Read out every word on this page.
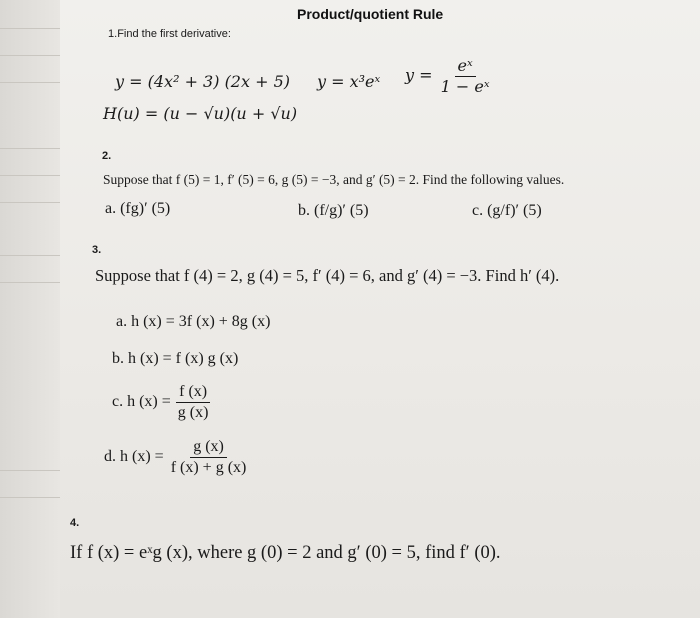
Product/quotient Rule
1.Find the first derivative:
y = (4x² + 3) (2x + 5) y = x³eˣ $y = \frac{\text{eˣ}}{\text{1 − eˣ}}$
H(u) = (u − √u)(u + √u)
2.
Suppose that f (5) = 1, f′ (5) = 6, g (5) = −3, and g′ (5) = 2. Find the following values.
a. (fg)′ (5)	b. (f/g)′ (5)	c. (g/f)′ (5)
3.
Suppose that f (4) = 2, g (4) = 5, f′ (4) = 6, and g′ (4) = −3. Find h′ (4).
a. h (x) = 3f (x) + 8g (x)
b. h (x) = f (x) g (x)
c. h $(x) = \frac{f (x)}{g (x)}$
d. h $(x) = \frac{g (x)}{f (x) + g (x)}$
4.
If f (x) = eˣg (x), where g (0) = 2 and g′ (0) = 5, find f′ (0).
